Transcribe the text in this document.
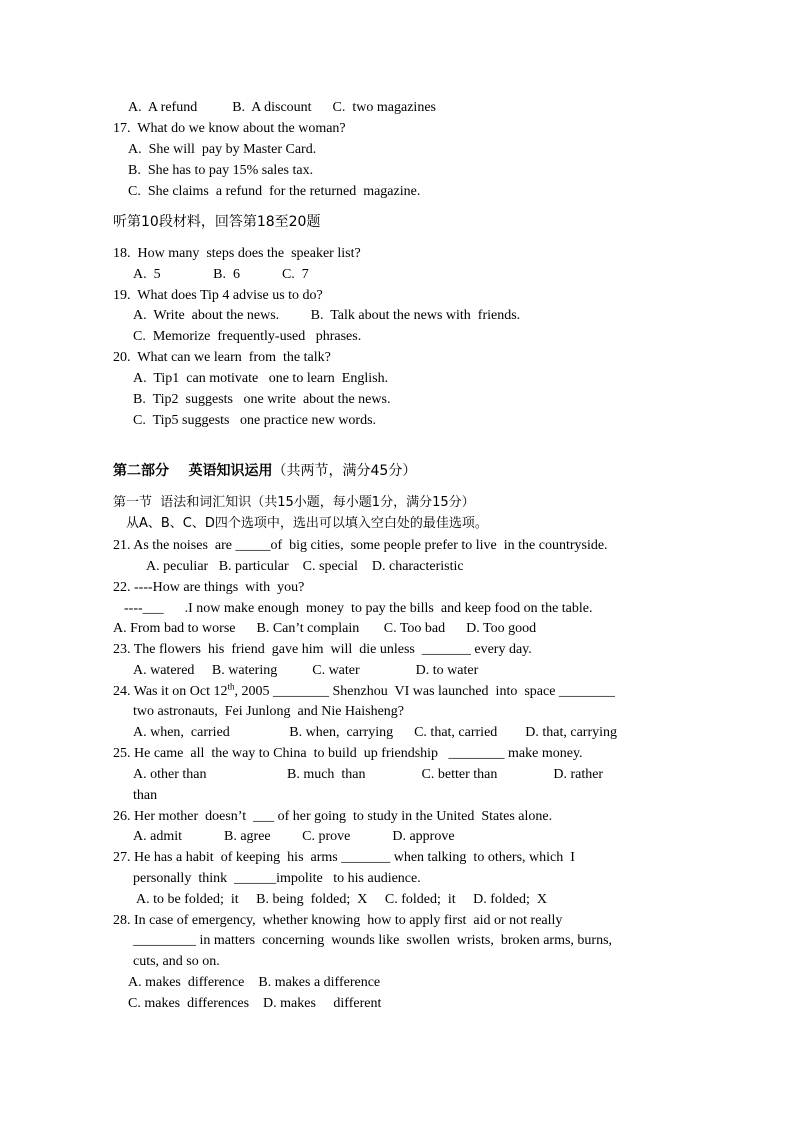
A.  A refund          B.  A discount      C.  two magazines
17.  What do we know about the woman?
A.  She will  pay by Master Card.
B.  She has to pay 15% sales tax.
C.  She claims  a refund  for the returned  magazine.
听第10段材料，回答第18至20题
18.  How many  steps does the  speaker list?
A.  5               B.  6            C.  7
19.  What does Tip 4 advise us to do?
A.  Write  about the news.         B.  Talk about the news with  friends.
C.  Memorize  frequently-used   phrases.
20.  What can we learn  from  the talk?
A.  Tip1  can motivate   one to learn  English.
B.  Tip2  suggests   one write  about the news.
C.  Tip5 suggests   one practice new words.
第二部分    英语知识运用（共两节，满分45分）
第一节  语法和词汇知识（共15小题，每小题1分，满分15分）
从A、B、C、D四个选项中，选出可以填入空白处的最佳选项。
21. As the noises  are _____of  big cities,  some people prefer to live  in the countryside.
A. peculiar   B. particular    C. special    D. characteristic
22. ----How are things  with  you?
----___      .I now make enough  money  to pay the bills  and keep food on the table.
A. From bad to worse      B. Can’t complain       C. Too bad      D. Too good
23. The flowers  his  friend  gave him  will  die unless  _______ every day.
A. watered     B. watering          C. water                D. to water
24. Was it on Oct 12th, 2005 ________ Shenzhou  VI was launched  into  space ________
two astronauts,  Fei Junlong  and Nie Haisheng?
A. when,  carried                 B. when,  carrying      C. that, carried        D. that, carrying
25. He came  all  the way to China  to build  up friendship   ________ make money.
A. other than                       B. much  than                C. better than                D. rather
than
26. Her mother  doesn’t  ___ of her going  to study in the United  States alone.
A. admit            B. agree         C. prove            D. approve
27. He has a habit  of keeping  his  arms _______ when talking  to others, which  I
personally  think  ______impolite   to his audience.
A. to be folded;  it     B. being  folded;  X     C. folded;  it     D. folded;  X
28. In case of emergency,  whether knowing  how to apply first  aid or not really
_________ in matters  concerning  wounds like  swollen  wrists,  broken arms, burns,
cuts, and so on.
A. makes  difference    B. makes a difference
C. makes  differences    D. makes     different
